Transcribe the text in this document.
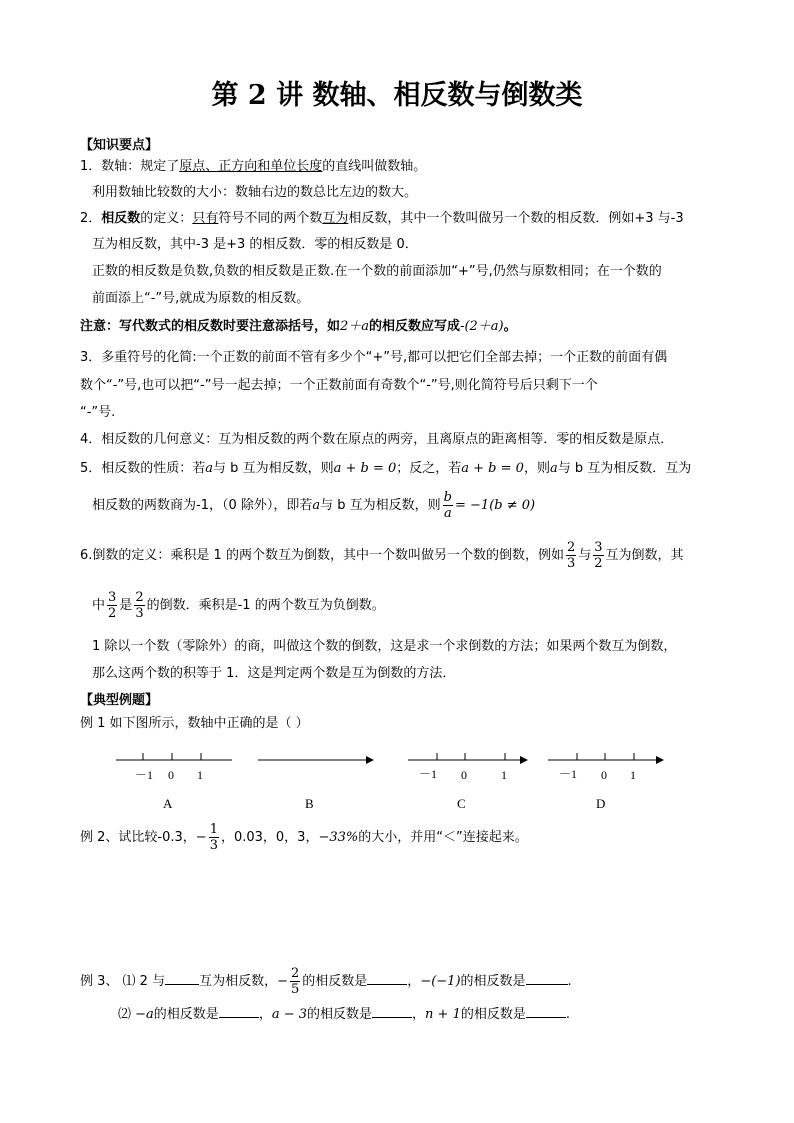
第 2 讲 数轴、相反数与倒数类
【知识要点】
1．数轴：规定了原点、正方向和单位长度的直线叫做数轴。
利用数轴比较数的大小：数轴右边的数总比左边的数大。
2．相反数的定义：只有符号不同的两个数互为相反数，其中一个数叫做另一个数的相反数．例如+3 与-3
互为相反数，其中-3 是+3 的相反数．零的相反数是 0．
正数的相反数是负数,负数的相反数是正数.在一个数的前面添加“+”号,仍然与原数相同；在一个数的
前面添上“-”号,就成为原数的相反数。
注意：写代数式的相反数时要注意添括号，如2＋a的相反数应写成-(2＋a)。
3．多重符号的化简:一个正数的前面不管有多少个“+”号,都可以把它们全部去掉；一个正数的前面有偶
数个“-”号,也可以把“-”号一起去掉；一个正数前面有奇数个“-”号,则化简符号后只剩下一个
“-”号.
4．相反数的几何意义：互为相反数的两个数在原点的两旁，且离原点的距离相等．零的相反数是原点．
5．相反数的性质：若a与 b 互为相反数，则a + b = 0；反之，若a + b = 0，则a与 b 互为相反数．互为
相反数的两数商为-1，（0 除外），即若a与 b 互为相反数，则 $\frac{b}{a} = -1(b \ne 0)$
6.倒数的定义：乘积是 1 的两个数互为倒数，其中一个数叫做另一个数的倒数，例如 $\frac{2}{3}$ 与 $\frac{3}{2}$ 互为倒数，其
中 $\frac{3}{2}$ 是 $\frac{2}{3}$ 的倒数．乘积是-1 的两个数互为负倒数。
1 除以一个数（零除外）的商，叫做这个数的倒数，这是求一个求倒数的方法；如果两个数互为倒数，
那么这两个数的积等于 1．这是判定两个数是互为倒数的方法．
【典型例题】
例 1 如下图所示，数轴中正确的是（ ）
－1 0 1
A	B
－1 0	1
C
－1 0 1
D
例 2、试比较-0.3，− $\frac{1}{3}$ ，0.03，0，3，−33%的大小，并用“＜”连接起来。
例 3、 ⑴ 2 与	互为相反数，− $\frac{2}{5}$ 的相反数是	，−(−1)的相反数是	.
⑵ −a的相反数是	，a − 3的相反数是	，n + 1的相反数是	.
